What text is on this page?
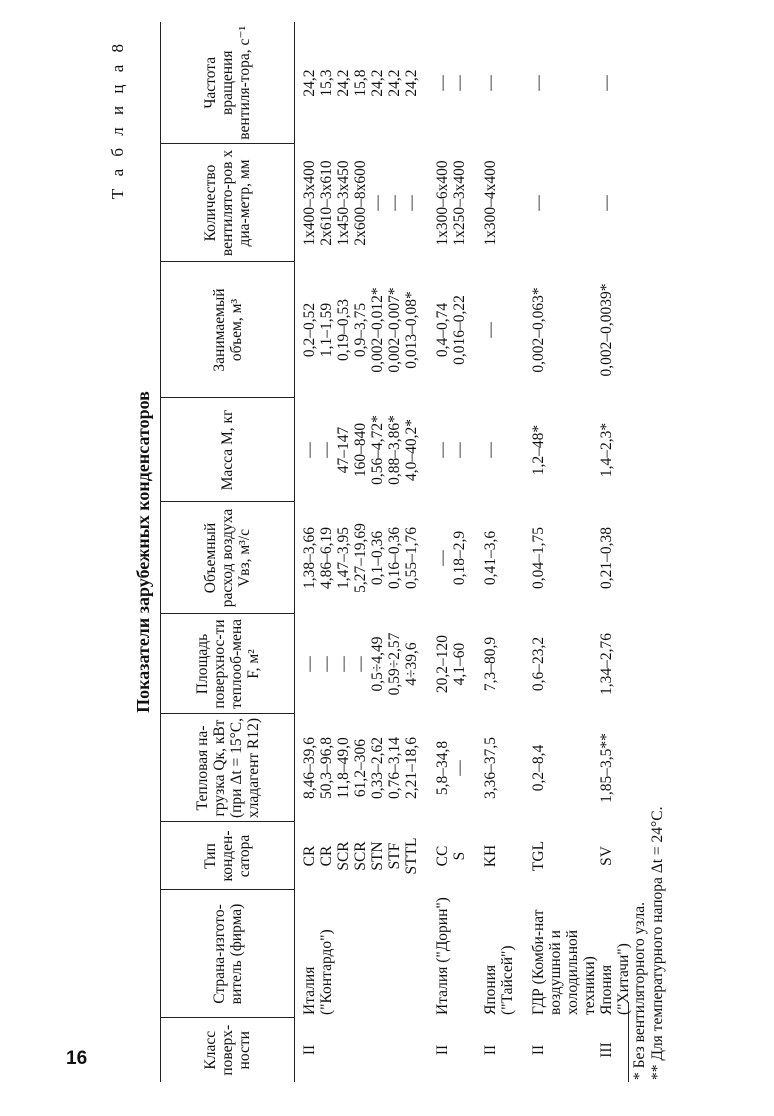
16
Т а б л и ц а 8
Показатели зарубежных конденсаторов
Класс поверх-ности	Страна-изгото-витель (фирма)	Тип конден-сатора	Тепловая на-грузка Qк, кВт (при Δt = 15°С, хладагент R12)	Площадь поверхнос-ти теплооб-мена F, м²	Объемный расход воздуха Vвз, м³/с	Масса M, кг	Занимаемый объем, м³	Количество вентилято-ров x диа-метр, мм	Частота вращения вентиля-тора, с⁻¹
II	Италия	CR	8,46–39,6	—	1,38–3,66	—	0,2–0,52	1x400–3x400	24,2
	("Контардо")	CR	50,3–96,8	—	4,86–6,19	—	1,1–1,59	2x610–3x610	15,3
		SCR	11,8–49,0	—	1,47–3,95	47–147	0,19–0,53	1x450–3x450	24,2
		SCR	61,2–306	—	5,27–19,69	160–840	0,9–3,75	2x600–8x600	15,8
		STN	0,33–2,62	0,5÷4,49	0,1–0,36	0,56–4,72*	0,002–0,012*	—	24,2
		STF	0,76–3,14	0,59÷2,57	0,16–0,36	0,88–3,86*	0,002–0,007*	—	24,2
		STTL	2,21–18,6	4÷39,6	0,55–1,76	4,0–40,2*	0,013–0,08*	—	24,2
II	Италия ("Дорин")	CC	5,8–34,8	20,2–120	—	—	0,4–0,74	1x300–6x400	—
		S	—	4,1–60	0,18–2,9	—	0,016–0,22	1x250–3x400	—
II	Япония ("Тайсей")	KH	3,36–37,5	7,3–80,9	0,41–3,6	—	—	1x300–4x400	—
II	ГДР (Комби-нат воздушной и холодильной техники)	TGL	0,2–8,4	0,6–23,2	0,04–1,75	1,2–48*	0,002–0,063*	—	—
III	Япония ("Хитачи")	SV	1,85–3,5**	1,34–2,76	0,21–0,38	1,4–2,3*	0,002–0,0039*	—	—
* Без вентиляторного узла. ** Для температурного напора Δt = 24°С.
